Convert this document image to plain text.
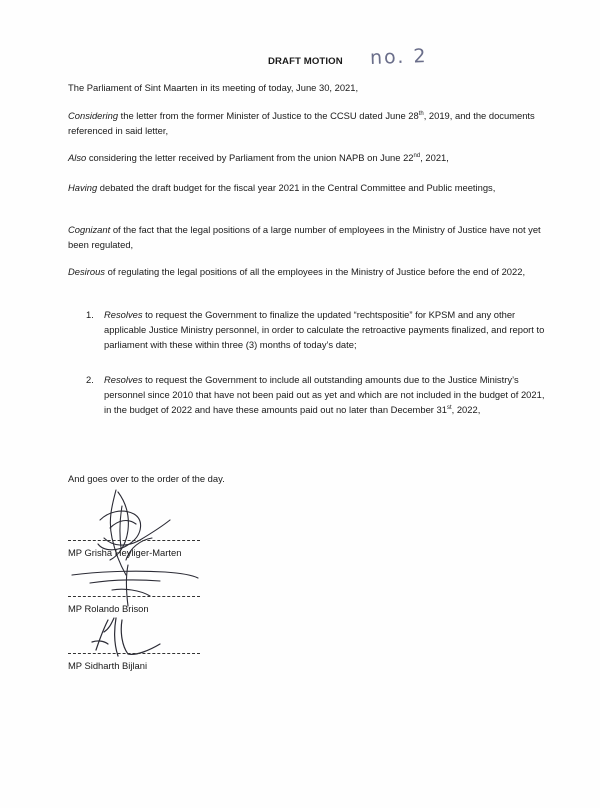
DRAFT MOTION no. 2

The Parliament of Sint Maarten in its meeting of today, June 30, 2021,

Considering the letter from the former Minister of Justice to the CCSU dated June 28th, 2019, and the documents referenced in said letter,

Also considering the letter received by Parliament from the union NAPB on June 22nd, 2021,

Having debated the draft budget for the fiscal year 2021 in the Central Committee and Public meetings,

Cognizant of the fact that the legal positions of a large number of employees in the Ministry of Justice have not yet been regulated,

Desirous of regulating the legal positions of all the employees in the Ministry of Justice before the end of 2022,

1. Resolves to request the Government to finalize the updated “rechtspositie” for KPSM and any other applicable Justice Ministry personnel, in order to calculate the retroactive payments finalized, and report to parliament with these within three (3) months of today’s date;
2. Resolves to request the Government to include all outstanding amounts due to the Justice Ministry’s personnel since 2010 that have not been paid out as yet and which are not included in the budget of 2021, in the budget of 2022 and have these amounts paid out no later than December 31st, 2022,

And goes over to the order of the day.

MP Grisha Heyliger-Marten
MP Rolando Brison
MP Sidharth Bijlani
